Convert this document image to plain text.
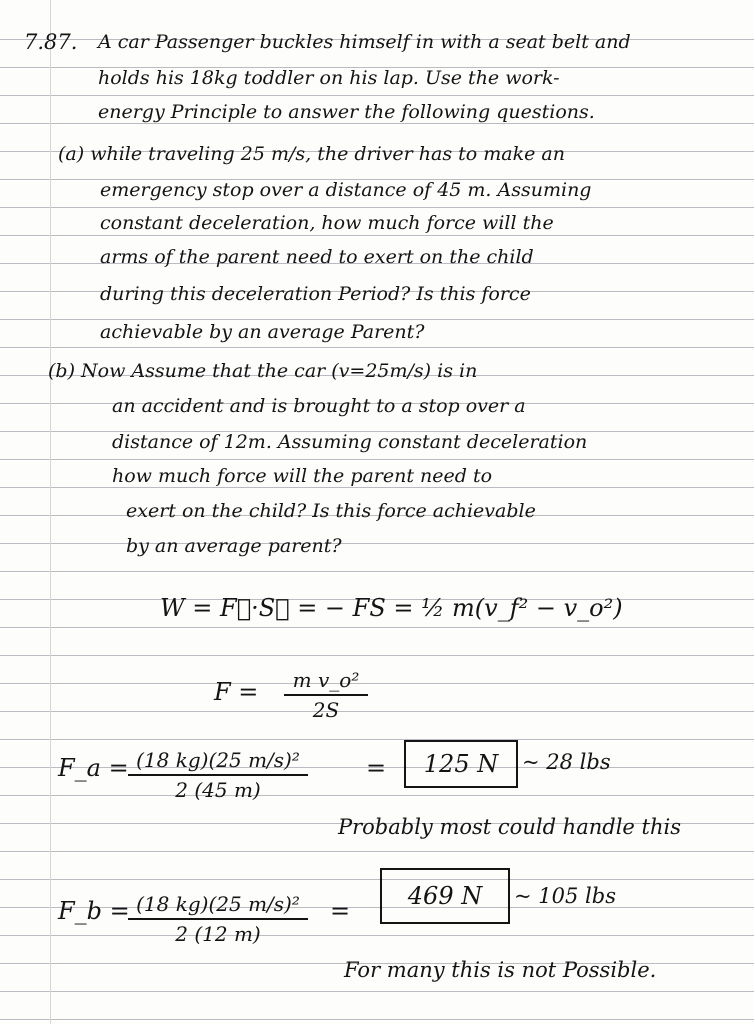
7.87. A car Passenger buckles himself in with a seat belt and
holds his 18kg toddler on his lap. Use the work-
energy Principle to answer the following questions.
(a) while traveling 25 m/s, the driver has to make an
emergency stop over a distance of 45 m. Assuming
constant deceleration, how much force will the
arms of the parent need to exert on the child
during this deceleration Period? Is this force
achievable by an average Parent?
(b) Now Assume that the car (v=25m/s) is in
an accident and is brought to a stop over a
distance of 12m. Assuming constant deceleration
how much force will the parent need to
exert on the child? Is this force achievable
by an average parent?
W = F⃗·S⃗ = − FS = ½ m(v_f² − v_o²)
$F = \frac{\text{m v\_o²}}{2S}$
F_a = $\frac{\text{(18 kg)(25 m/s)²}}{2 (45 m)}$ =	125 N	~ 28 lbs
Probably most could handle this
F_b =
$\frac{\text{(18 kg)(25 m/s)²}}{2 (12 m)}$ =
469 N	~ 105 lbs
For many this is not Possible.
